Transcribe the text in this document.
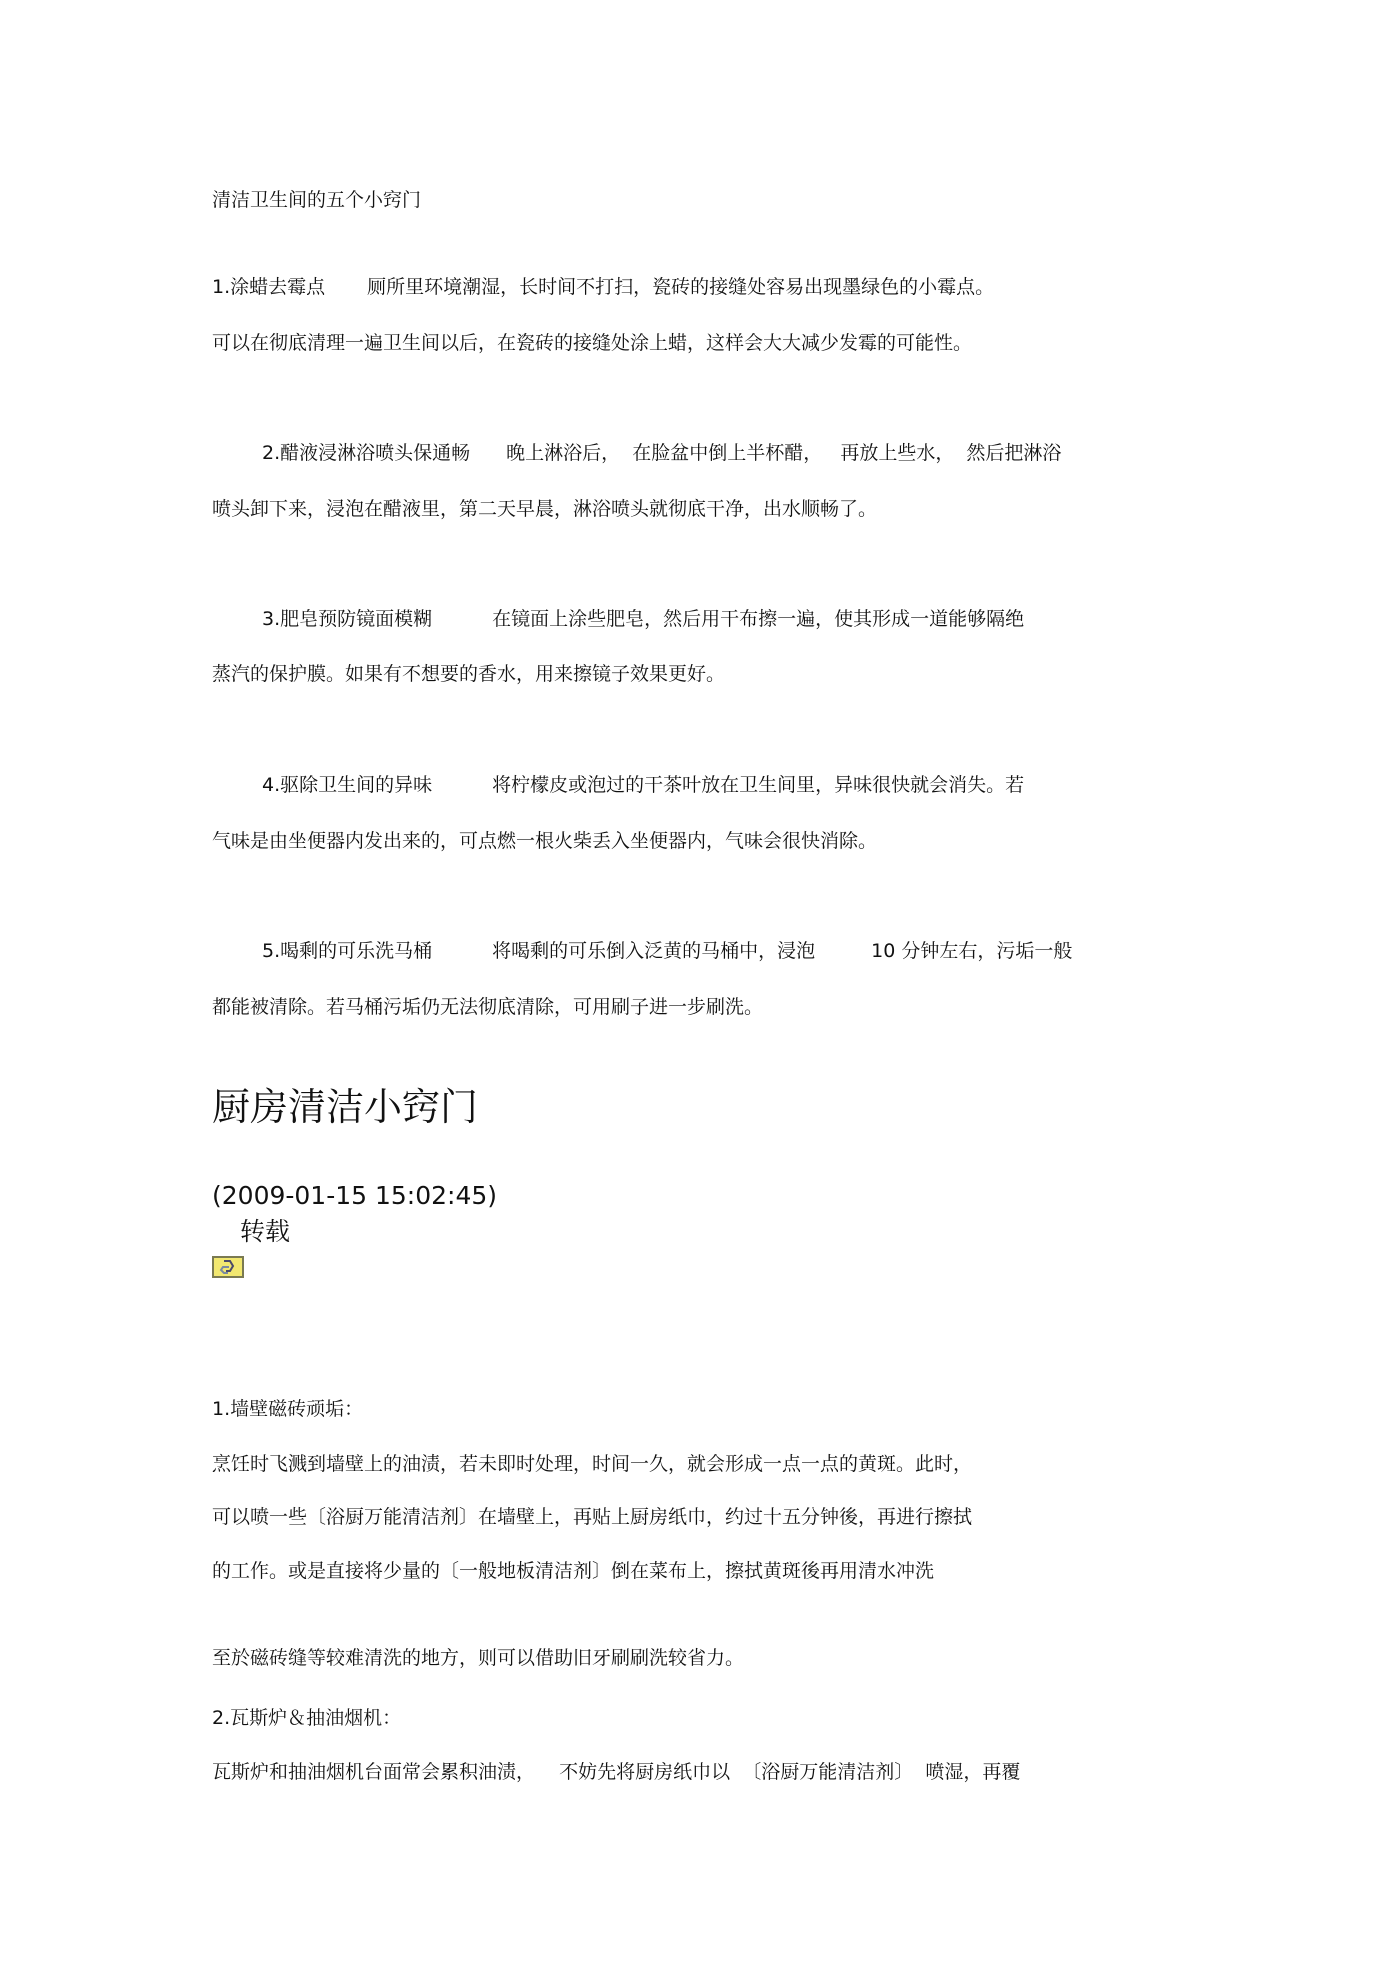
清洁卫生间的五个小窍门
1.涂蜡去霉点 厕所里环境潮湿，长时间不打扫，瓷砖的接缝处容易出现墨绿色的小霉点。
可以在彻底清理一遍卫生间以后，在瓷砖的接缝处涂上蜡，这样会大大减少发霉的可能性。
2.醋液浸淋浴喷头保通畅 晚上淋浴后，  在脸盆中倒上半杯醋，   再放上些水，  然后把淋浴
喷头卸下来，浸泡在醋液里，第二天早晨，淋浴喷头就彻底干净，出水顺畅了。
3.肥皂预防镜面模糊	在镜面上涂些肥皂，然后用干布擦一遍，使其形成一道能够隔绝
蒸汽的保护膜。如果有不想要的香水，用来擦镜子效果更好。
4.驱除卫生间的异味	将柠檬皮或泡过的干茶叶放在卫生间里，异味很快就会消失。若
气味是由坐便器内发出来的，可点燃一根火柴丢入坐便器内，气味会很快消除。
5.喝剩的可乐洗马桶	将喝剩的可乐倒入泛黄的马桶中，浸泡	10 分钟左右，污垢一般
都能被清除。若马桶污垢仍无法彻底清除，可用刷子进一步刷洗。
厨房清洁小窍门
(2009-01-15 15:02:45)
转载
1.墙壁磁砖顽垢：
烹饪时飞溅到墙壁上的油渍，若未即时处理，时间一久，就会形成一点一点的黄斑。此时，
可以喷一些〔浴厨万能清洁剂〕在墙壁上，再贴上厨房纸巾，约过十五分钟後，再进行擦拭
的工作。或是直接将少量的〔一般地板清洁剂〕倒在菜布上，擦拭黄斑後再用清水冲洗
至於磁砖缝等较难清洗的地方，则可以借助旧牙刷刷洗较省力。
2.瓦斯炉＆抽油烟机：
瓦斯炉和抽油烟机台面常会累积油渍，    不妨先将厨房纸巾以  〔浴厨万能清洁剂〕  喷湿，再覆
